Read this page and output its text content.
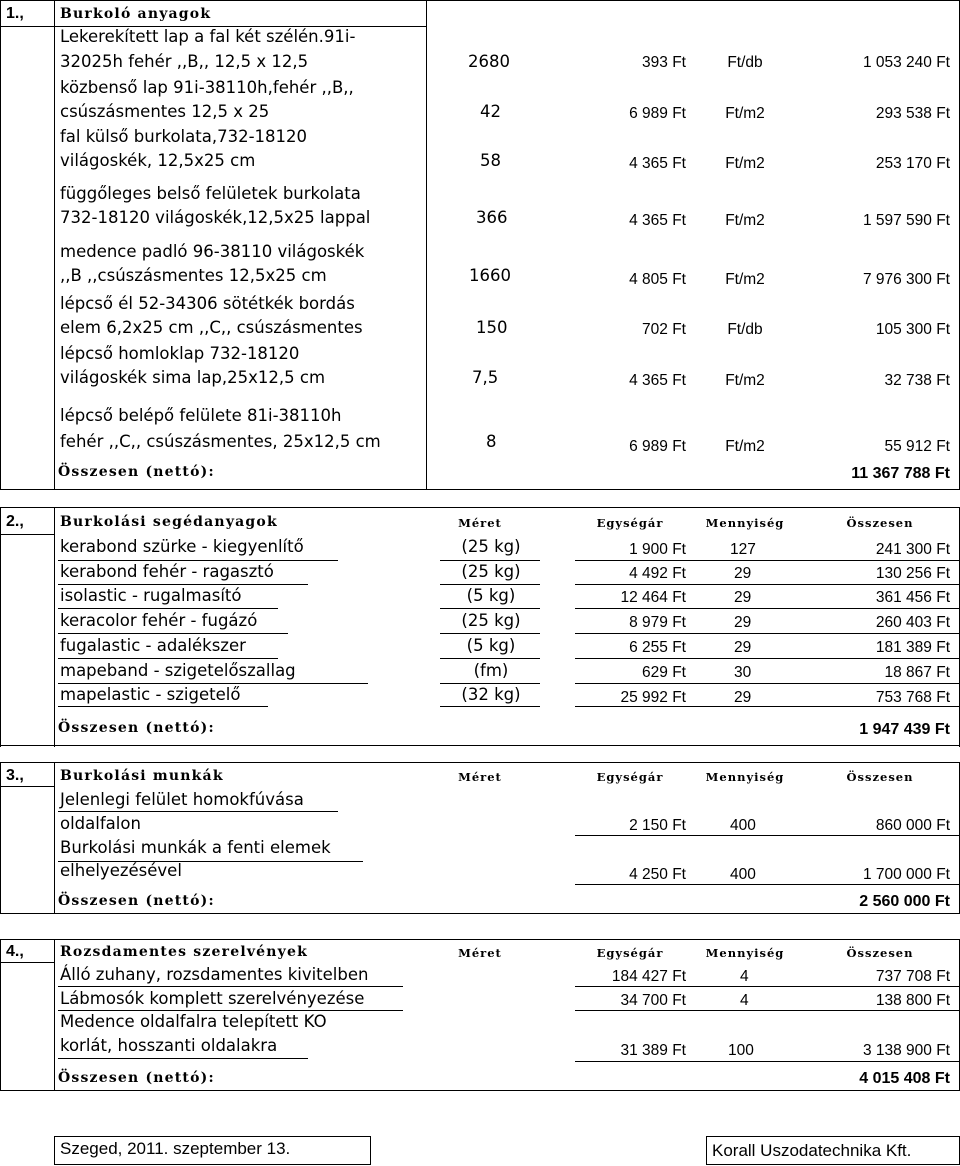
1.,	Burkoló anyagok
Lekerekített lap a fal két szélén.91i-
32025h fehér ,,B,, 12,5 x 12,5	2680	393 Ft	Ft/db	1 053 240 Ft
közbenső lap 91i-38110h,fehér ,,B,,
csúszásmentes 12,5 x 25	42	6 989 Ft	Ft/m2	293 538 Ft
fal külső burkolata,732-18120
világoskék, 12,5x25 cm	58	4 365 Ft	Ft/m2	253 170 Ft
függőleges belső felületek burkolata
732-18120 világoskék,12,5x25 lappal	366	4 365 Ft	Ft/m2	1 597 590 Ft
medence padló 96-38110 világoskék
,,B ,,csúszásmentes 12,5x25 cm	1660	4 805 Ft	Ft/m2	7 976 300 Ft
lépcső él 52-34306 sötétkék bordás
elem 6,2x25 cm ,,C,, csúszásmentes	150	702 Ft	Ft/db	105 300 Ft
lépcső homloklap 732-18120
világoskék sima lap,25x12,5 cm	7,5	4 365 Ft	Ft/m2	32 738 Ft
lépcső belépő felülete 81i-38110h
fehér ,,C,, csúszásmentes, 25x12,5 cm	8	6 989 Ft	Ft/m2	55 912 Ft
Összesen (nettó):	11 367 788 Ft
2.,	Burkolási segédanyagok	Méret	Egységár	Mennyiség	Összesen
kerabond szürke - kiegyenlítő	(25 kg)	1 900 Ft	127	241 300 Ft
kerabond fehér - ragasztó	(25 kg)	4 492 Ft	29	130 256 Ft
isolastic - rugalmasító	(5 kg)	12 464 Ft	29	361 456 Ft
keracolor fehér - fugázó	(25 kg)	8 979 Ft	29	260 403 Ft
fugalastic - adalékszer	(5 kg)	6 255 Ft	29	181 389 Ft
mapeband - szigetelőszallag	(fm)	629 Ft	30	18 867 Ft
mapelastic - szigetelő	(32 kg)	25 992 Ft	29	753 768 Ft
Összesen (nettó):	1 947 439 Ft
3.,	Burkolási munkák	Méret	Egységár	Mennyiség	Összesen
Jelenlegi felület homokfúvása
oldalfalon	2 150 Ft	400	860 000 Ft
Burkolási munkák a fenti elemek
elhelyezésével	4 250 Ft	400	1 700 000 Ft
Összesen (nettó):	2 560 000 Ft
4.,	Rozsdamentes szerelvények	Méret	Egységár	Mennyiség	Összesen
Álló zuhany, rozsdamentes kivitelben	184 427 Ft	4	737 708 Ft
Lábmosók komplett szerelvényezése	34 700 Ft	4	138 800 Ft
Medence oldalfalra telepített KO
korlát, hosszanti oldalakra	31 389 Ft	100	3 138 900 Ft
Összesen (nettó):	4 015 408 Ft
Szeged, 2011. szeptember 13.	Korall Uszodatechnika Kft.
